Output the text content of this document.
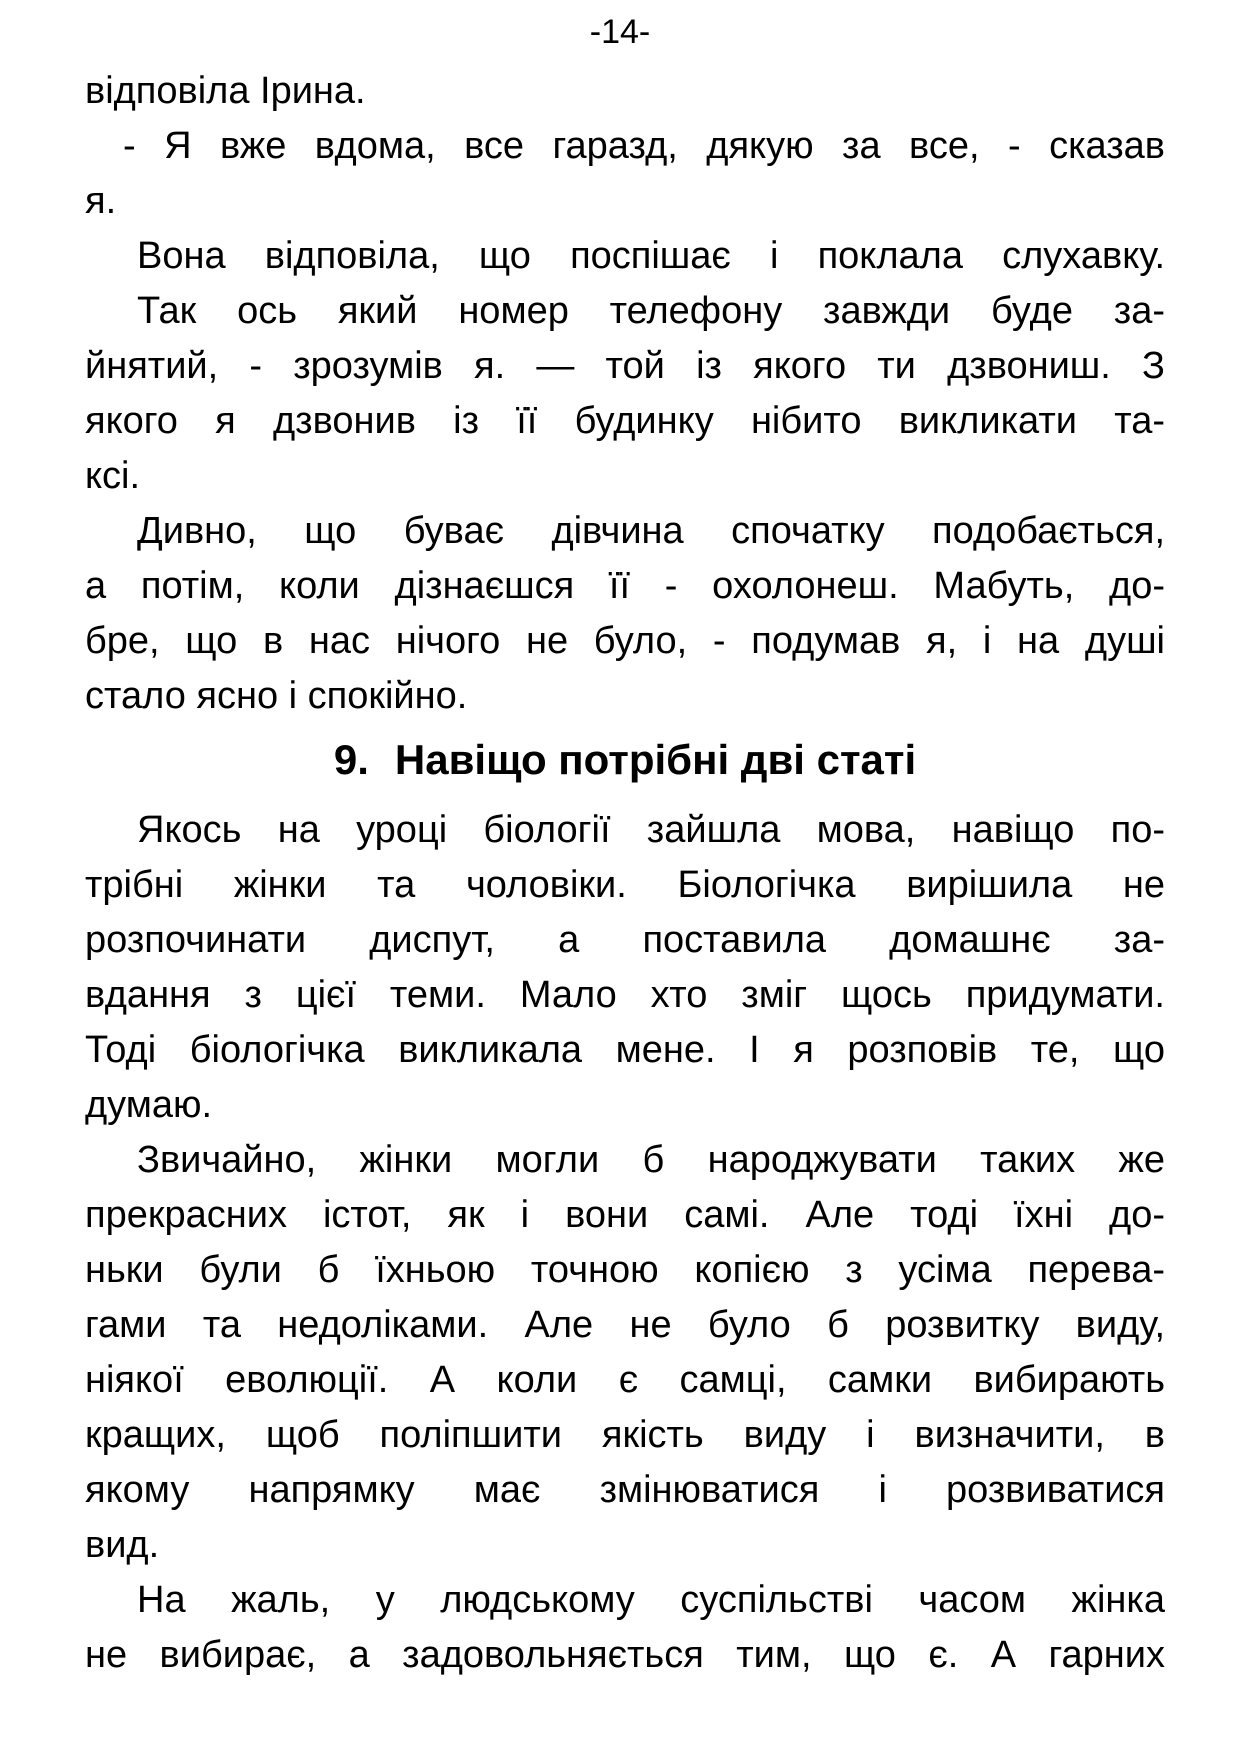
-14-
відповіла Ірина.
- Я вже вдома, все гаразд, дякую за все, - сказав
я.
Вона відповіла, що поспішає і поклала слухавку.
Так ось який номер телефону завжди буде за-
йнятий, - зрозумів я. — той із якого ти дзвониш. З
якого я дзвонив із її будинку нібито викликати та-
ксі.
Дивно, що буває дівчина спочатку подобається,
а потім, коли дізнаєшся її - охолонеш. Мабуть, до-
бре, що в нас нічого не було, - подумав я, і на душі
стало ясно і спокійно.
9. Навіщо потрібні дві статі
Якось на уроці біології зайшла мова, навіщо по-
трібні жінки та чоловіки. Біологічка вирішила не
розпочинати диспут, а поставила домашнє за-
вдання з цієї теми. Мало хто зміг щось придумати.
Тоді біологічка викликала мене. І я розповів те, що
думаю.
Звичайно, жінки могли б народжувати таких же
прекрасних істот, як і вони самі. Але тоді їхні до-
ньки були б їхньою точною копією з усіма перева-
гами та недоліками. Але не було б розвитку виду,
ніякої еволюції. А коли є самці, самки вибирають
кращих, щоб поліпшити якість виду і визначити, в
якому напрямку має змінюватися і розвиватися
вид.
На жаль, у людському суспільстві часом жінка
не вибирає, а задовольняється тим, що є. А гарних
